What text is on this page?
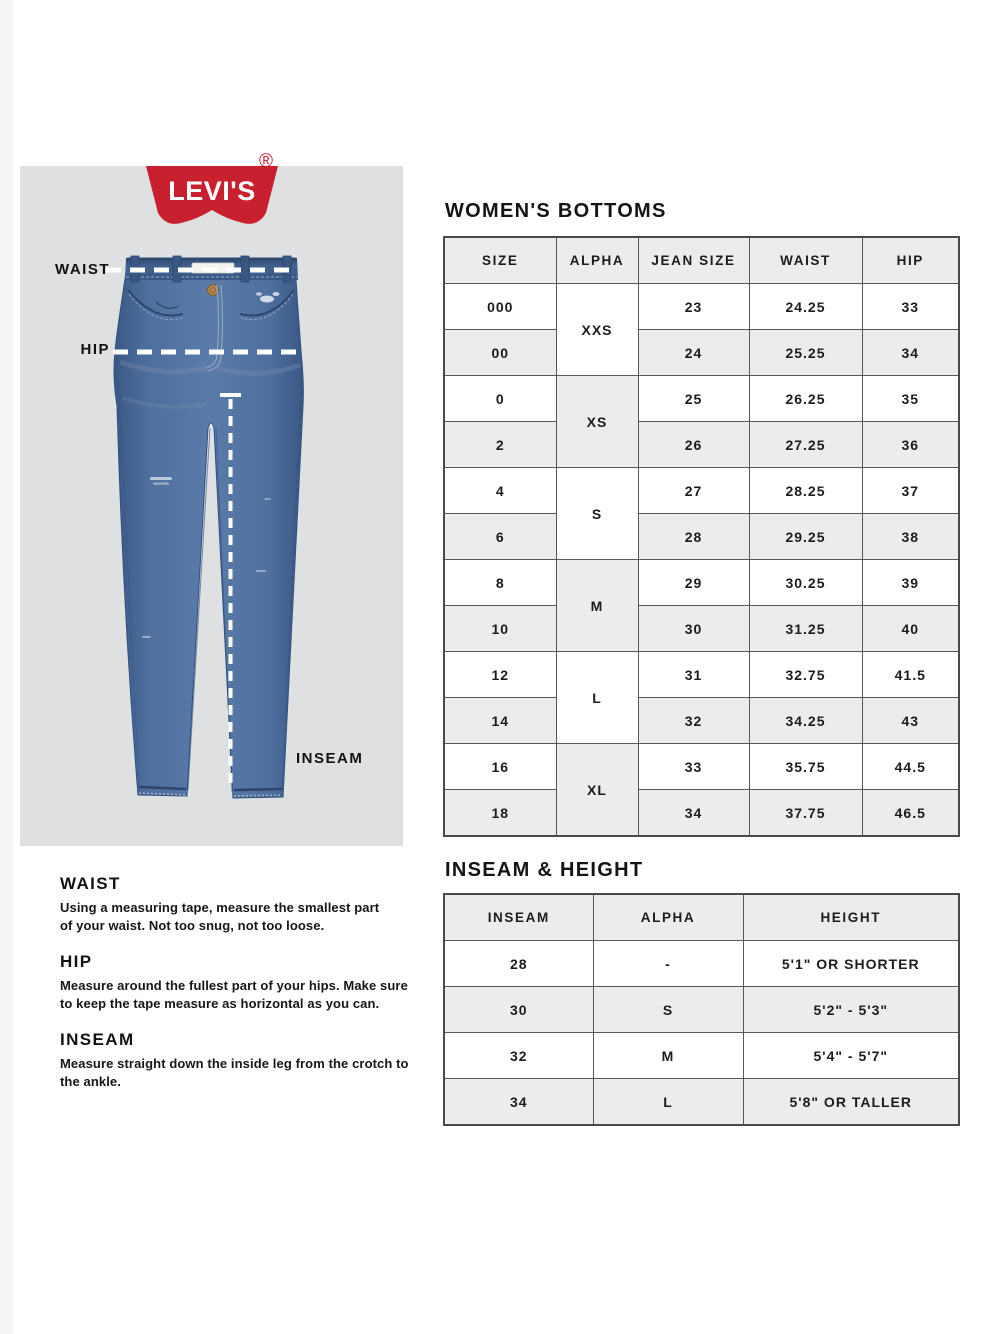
LEVI'S
®
WAIST
HIP
INSEAM
WOMEN'S BOTTOMS
SIZE	ALPHA	JEAN SIZE	WAIST	HIP
000	XXS	23	24.25	33
00		24	25.25	34
0	XS	25	26.25	35
2		26	27.25	36
4	S	27	28.25	37
6		28	29.25	38
8	M	29	30.25	39
10		30	31.25	40
12	L	31	32.75	41.5
14		32	34.25	43
16	XL	33	35.75	44.5
18		34	37.75	46.5
INSEAM & HEIGHT
INSEAM	ALPHA	HEIGHT
28	-	5'1" OR SHORTER
30	S	5'2" - 5'3"
32	M	5'4" - 5'7"
34	L	5'8" OR TALLER
WAIST
Using a measuring tape, measure the smallest part
of your waist. Not too snug, not too loose.
HIP
Measure around the fullest part of your hips. Make sure
to keep the tape measure as horizontal as you can.
INSEAM
Measure straight down the inside leg from the crotch to
the ankle.
